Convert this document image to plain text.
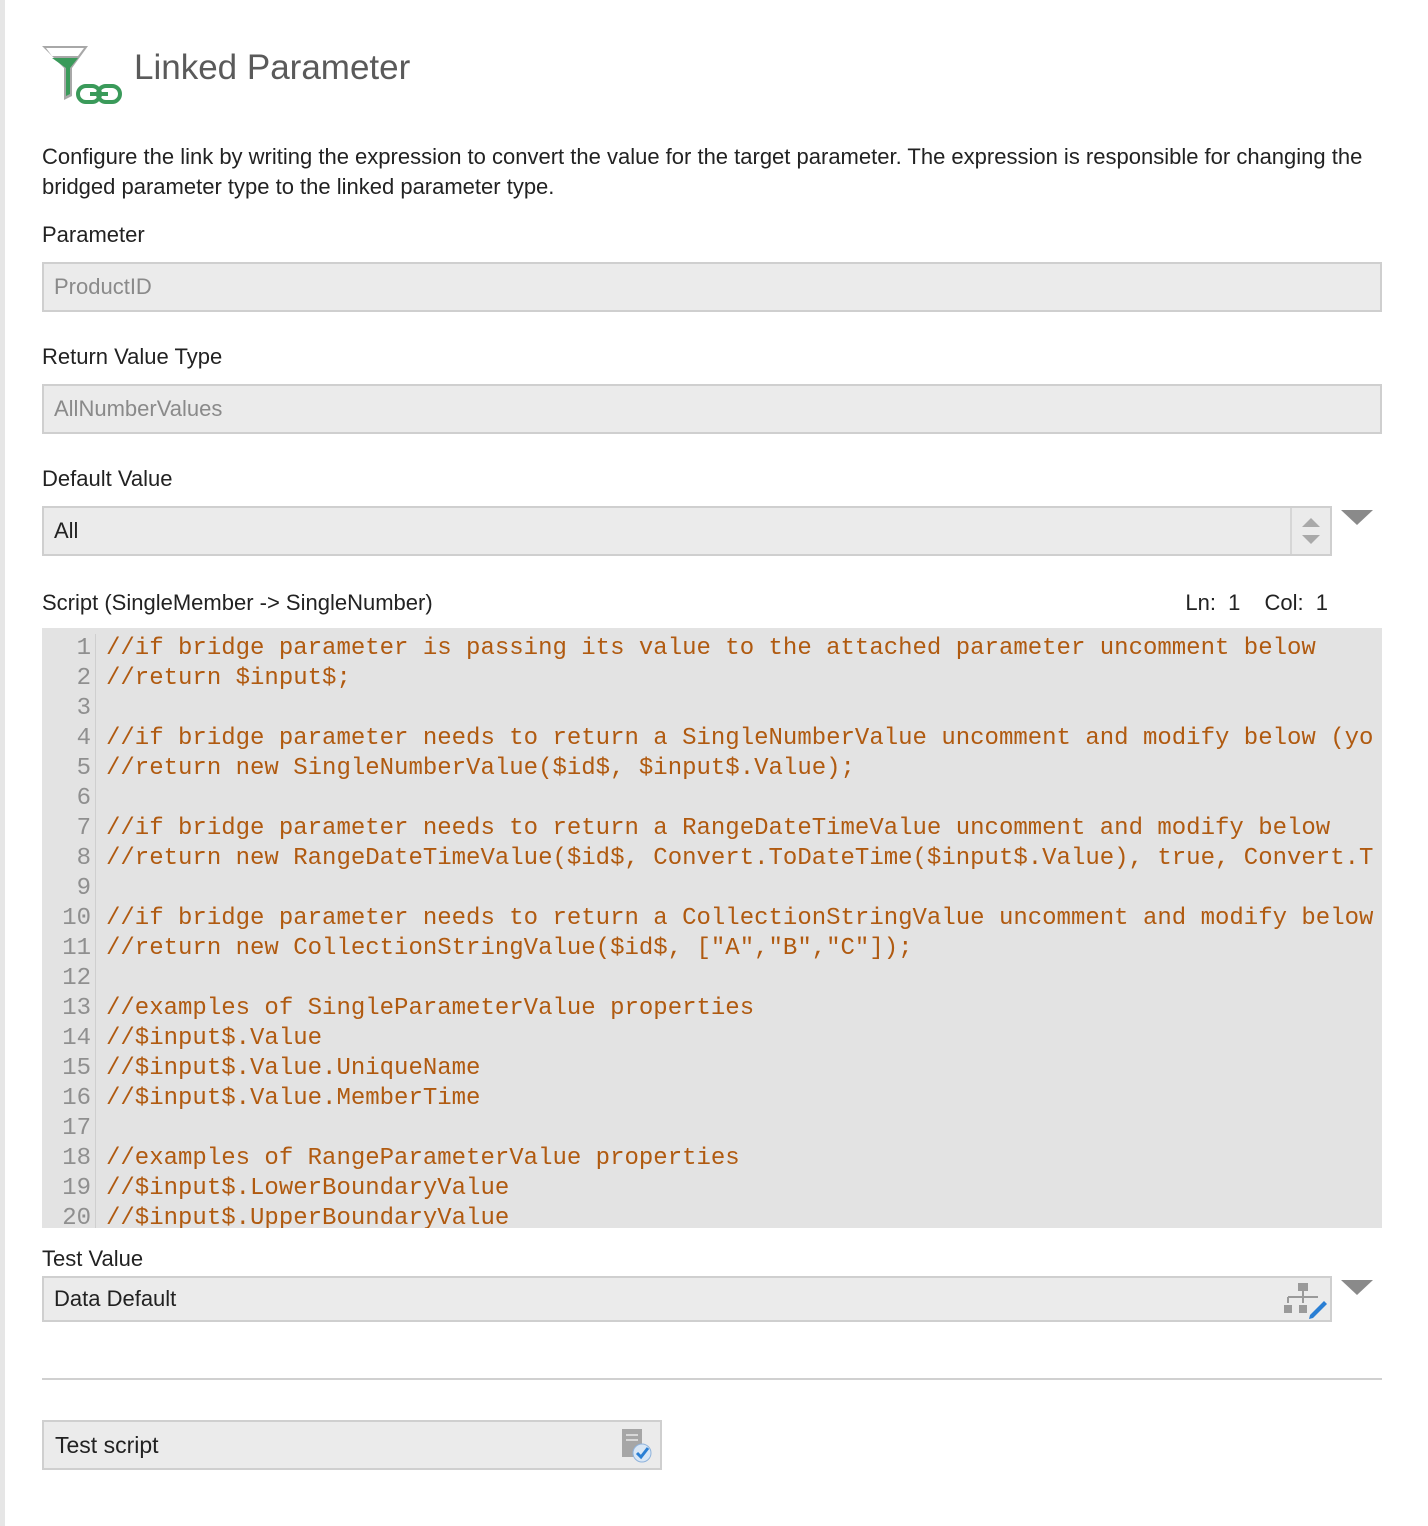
Linked Parameter
Configure the link by writing the expression to convert the value for the target parameter. The expression is responsible for changing the bridged parameter type to the linked parameter type.
Parameter
ProductID
Return Value Type
AllNumberValues
Default Value
All
Script (SingleMember -> SingleNumber)	Ln: 1 Col: 1
1 //if bridge parameter is passing its value to the attached parameter uncomment below
2 //return $input$;
3
4 //if bridge parameter needs to return a SingleNumberValue uncomment and modify below (yo
5 //return new SingleNumberValue($id$, $input$.Value);
6
7 //if bridge parameter needs to return a RangeDateTimeValue uncomment and modify below
8 //return new RangeDateTimeValue($id$, Convert.ToDateTime($input$.Value), true, Convert.T
9
10 //if bridge parameter needs to return a CollectionStringValue uncomment and modify below
11 //return new CollectionStringValue($id$, ["A","B","C"]);
12
13 //examples of SingleParameterValue properties
14 //$input$.Value
15 //$input$.Value.UniqueName
16 //$input$.Value.MemberTime
17
18 //examples of RangeParameterValue properties
19 //$input$.LowerBoundaryValue
20 //$input$.UpperBoundaryValue
Test Value
Data Default
Test script
